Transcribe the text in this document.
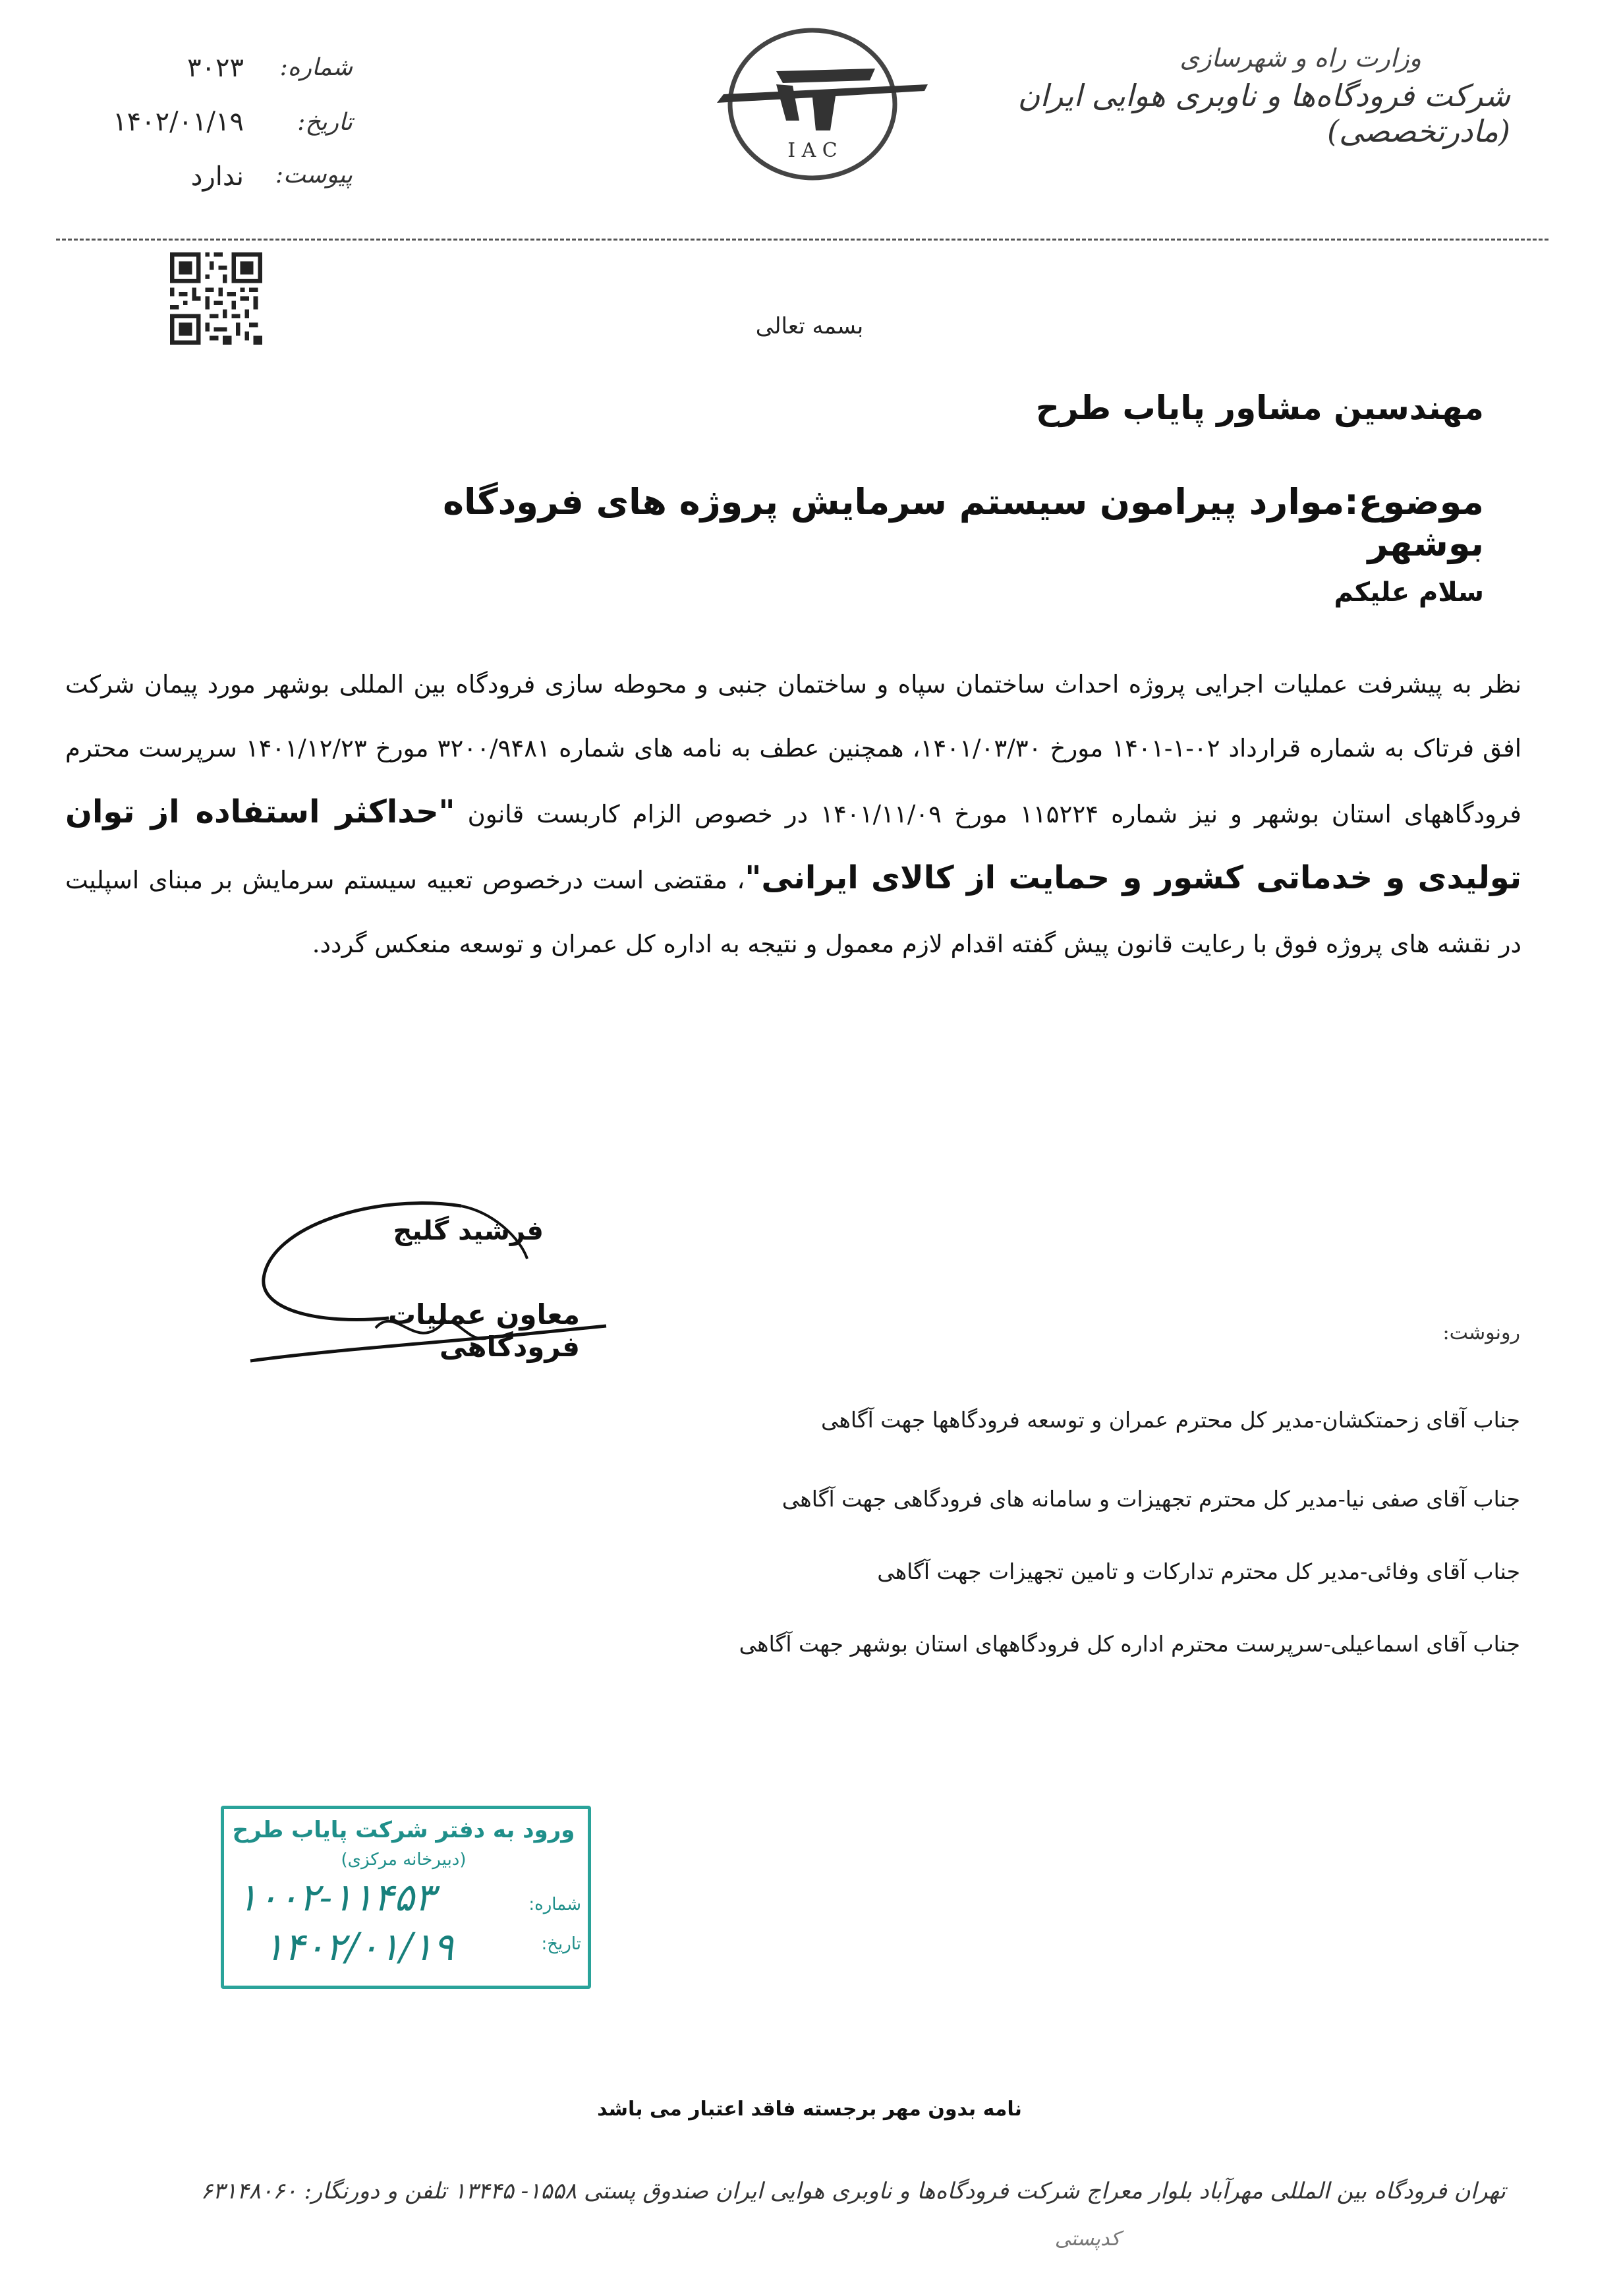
وزارت راه و شهرسازی
شرکت فرودگاه‌ها و ناوبری هوایی ایران (مادرتخصصی)
I A C
شماره:
۳۰۲۳
تاریخ:
۱۴۰۲/۰۱/۱۹
پیوست:
ندارد
بسمه تعالی
مهندسین مشاور پایاب طرح
موضوع:موارد پیرامون سیستم سرمایش پروژه های فرودگاه بوشهر
سلام علیکم
نظر به پیشرفت عملیات اجرایی پروژه احداث ساختمان سپاه و ساختمان جنبی و محوطه سازی فرودگاه بین المللی بوشهر مورد پیمان شرکت افق فرتاک به شماره قرارداد ۰۲-۱-۱۴۰۱ مورخ ۱۴۰۱/۰۳/۳۰، همچنین عطف به نامه های شماره ۳۲۰۰/۹۴۸۱ مورخ ۱۴۰۱/۱۲/۲۳ سرپرست محترم فرودگاههای استان بوشهر و نیز شماره ۱۱۵۲۲۴ مورخ ۱۴۰۱/۱۱/۰۹ در خصوص الزام کاربست قانون "حداکثر استفاده از توان تولیدی و خدماتی کشور و حمایت از کالای ایرانی"، مقتضی است درخصوص تعبیه سیستم سرمایش بر مبنای اسپلیت در نقشه های پروژه فوق با رعایت قانون پیش گفته اقدام لازم معمول و نتیجه به اداره کل عمران و توسعه منعکس گردد.
فرشید گلیج
معاون عملیات فرودگاهی	رونوشت:
جناب آقای زحمتکشان-مدیر کل محترم عمران و توسعه فرودگاهها جهت آگاهی
جناب آقای صفی نیا-مدیر کل محترم تجهیزات و سامانه های فرودگاهی جهت آگاهی
جناب آقای وفائی-مدیر کل محترم تدارکات و تامین تجهیزات جهت آگاهی
جناب آقای اسماعیلی-سرپرست محترم اداره کل فرودگاههای استان بوشهر جهت آگاهی
ورود به دفتر شرکت پایاب طرح
(دبیرخانه مرکزی)
شماره:
۱۰۰۲-۱۱۴۵۳
تاریخ:
۱۴۰۲/۰۱/۱۹
نامه بدون مهر برجسته فاقد اعتبار می باشد
تهران فرودگاه بین المللی مهرآباد بلوار معراج شرکت فرودگاه‌ها و ناوبری هوایی ایران صندوق پستی ۱۵۵۸- ۱۳۴۴۵ تلفن و دورنگار: ۶۳۱۴۸۰۶۰
کدپستی
